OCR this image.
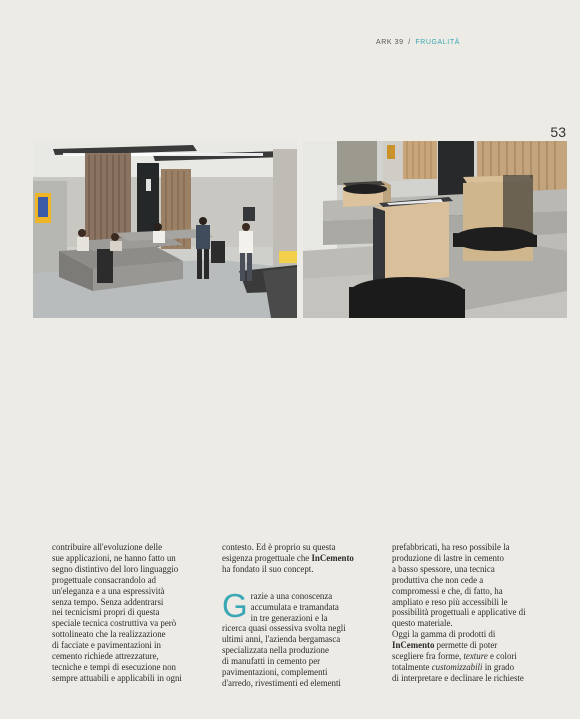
ARK 39 / FRUGALITÀ
53

contribuire all'evoluzione delle
sue applicazioni, ne hanno fatto un
segno distintivo del loro linguaggio
progettuale consacrandolo ad
un'eleganza e a una espressività
senza tempo. Senza addentrarsi
nei tecnicismi propri di questa
speciale tecnica costruttiva va però
sottolineato che la realizzazione
di facciate e pavimentazioni in
cemento richiede attrezzature,
tecniche e tempi di esecuzione non
sempre attuabili e applicabili in ogni

contesto. Ed è proprio su questa
esigenza progettuale che InCemento
ha fondato il suo concept.

G razie a una conoscenza
accumulata e tramandata
in tre generazioni e la
ricerca quasi ossessiva svolta negli
ultimi anni, l'azienda bergamasca
specializzata nella produzione
di manufatti in cemento per
pavimentazioni, complementi
d'arredo, rivestimenti ed elementi

prefabbricati, ha reso possibile la
produzione di lastre in cemento
a basso spessore, una tecnica
produttiva che non cede a
compromessi e che, di fatto, ha
ampliato e reso più accessibili le
possibilità progettuali e applicative di
questo materiale.
Oggi la gamma di prodotti di
InCemento permette di poter
scegliere fra forme, texture e colori
totalmente customizzabili in grado
di interpretare e declinare le richieste
